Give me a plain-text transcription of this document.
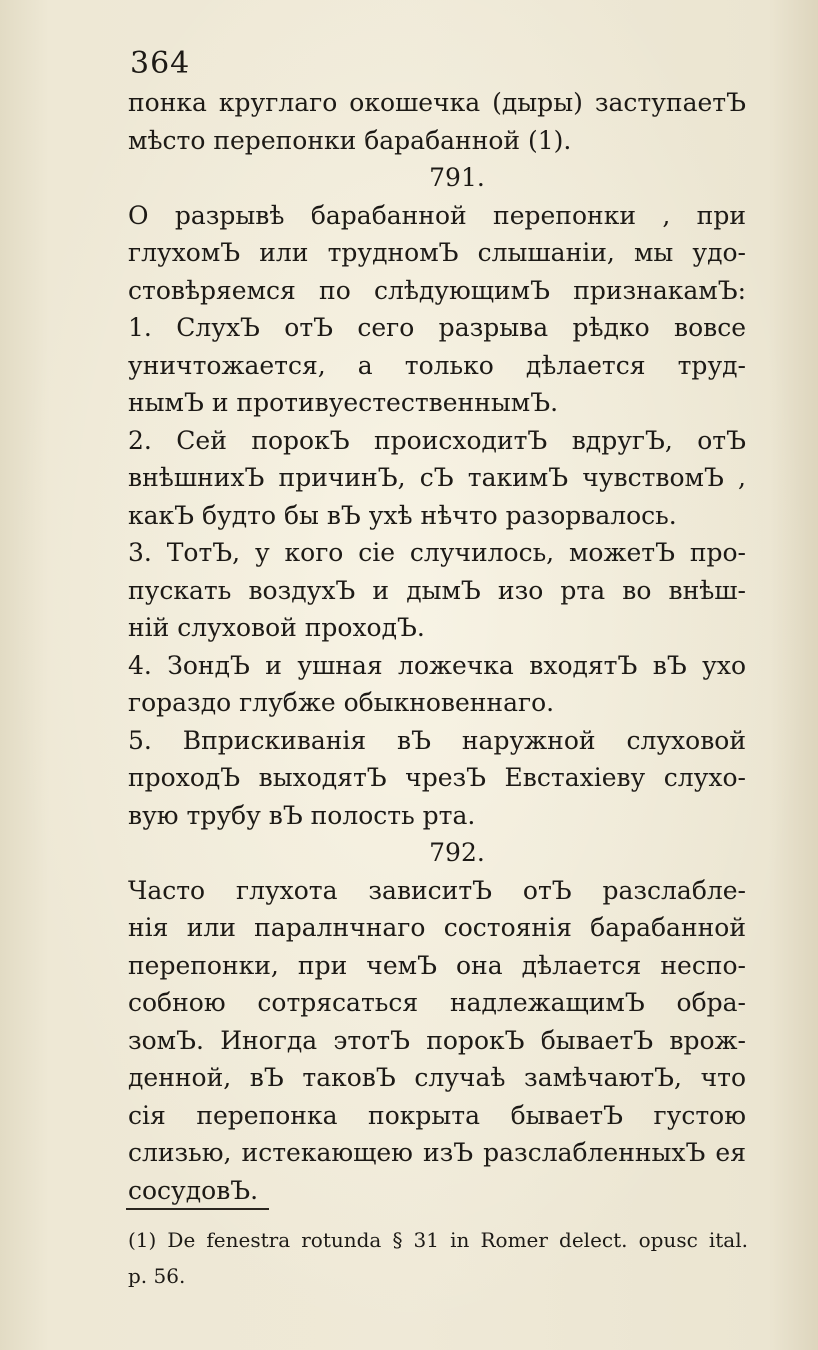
364
понка круглаго окошечка (дыры) заступаетЪ
мѣсто перепонки барабанной (1).
791.
О разрывѣ барабанной перепонки , при
глухомЪ или трудномЪ слышаніи, мы удо-
стовѣряемся по слѣдующимЪ признакамЪ:
1. СлухЪ отЪ сего разрыва рѣдко вовсе
уничтожается, а только дѣлается труд-
нымЪ и противуестественнымЪ.
2. Сей порокЪ происходитЪ вдругЪ, отЪ
внѣшнихЪ причинЪ, сЪ такимЪ чувствомЪ ,
какЪ будто бы вЪ ухѣ нѣчто разорвалось.
3. ТотЪ, у кого сіе случилось, можетЪ про-
пускать воздухЪ и дымЪ изо рта во внѣш-
ній слуховой проходЪ.
4. ЗондЪ и ушная ложечка входятЪ вЪ ухо
гораздо глубже обыкновеннаго.
5. Вприскиванія вЪ наружной слуховой
проходЪ выходятЪ чрезЪ Евстахіеву слухо-
вую трубу вЪ полость рта.
792.
Часто глухота зависитЪ отЪ разслабле-
нія или паралнчнаго состоянія барабанной
перепонки, при чемЪ она дѣлается неспо-
собною сотрясаться надлежащимЪ обра-
зомЪ. Иногда этотЪ порокЪ бываетЪ врож-
денной, вЪ таковЪ случаѣ замѣчаютЪ, что
сія перепонка покрыта бываетЪ густою
слизью, истекающею изЪ разслабленныхЪ ея
сосудовЪ.
(1) De fenestra rotunda § 31 in Romer delect. opusc ital.
p. 56.
